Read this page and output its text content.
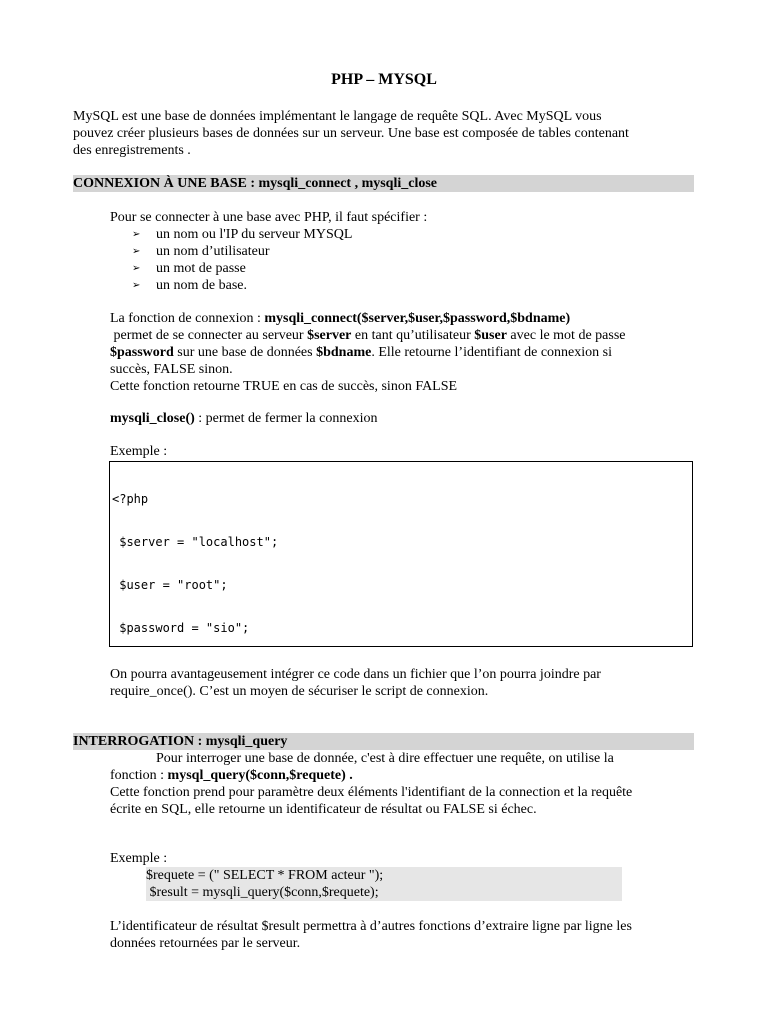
PHP – MYSQL
MySQL est une base de données implémentant le langage de requête SQL. Avec MySQL vous
pouvez créer plusieurs bases de données sur un serveur. Une base est composée de tables contenant
des enregistrements .
CONNEXION À UNE BASE : mysqli_connect , mysqli_close
Pour se connecter à une base avec PHP, il faut spécifier :
➢ un nom ou l'IP du serveur MYSQL
➢ un nom d’utilisateur
➢ un mot de passe
➢ un nom de base.
La fonction de connexion : mysqli_connect($server,$user,$password,$bdname)
permet de se connecter au serveur $server en tant qu’utilisateur $user avec le mot de passe
$password sur une base de données $bdname. Elle retourne l’identifiant de connexion si
succès, FALSE sinon.
Cette fonction retourne TRUE en cas de succès, sinon FALSE
mysqli_close() : permet de fermer la connexion
Exemple :

<?php

$server = "localhost";

$user = "root";

$password = "sio";

On pourra avantageusement intégrer ce code dans un fichier que l’on pourra joindre par
require_once(). C’est un moyen de sécuriser le script de connexion.
INTERROGATION : mysqli_query
Pour interroger une base de donnée, c'est à dire effectuer une requête, on utilise la
fonction : mysql_query($conn,$requete) .
Cette fonction prend pour paramètre deux éléments l'identifiant de la connection et la requête
écrite en SQL, elle retourne un identificateur de résultat ou FALSE si échec.
Exemple :
$requete = (" SELECT * FROM acteur ");
$result = mysqli_query($conn,$requete);
L’identificateur de résultat $result permettra à d’autres fonctions d’extraire ligne par ligne les
données retournées par le serveur.
